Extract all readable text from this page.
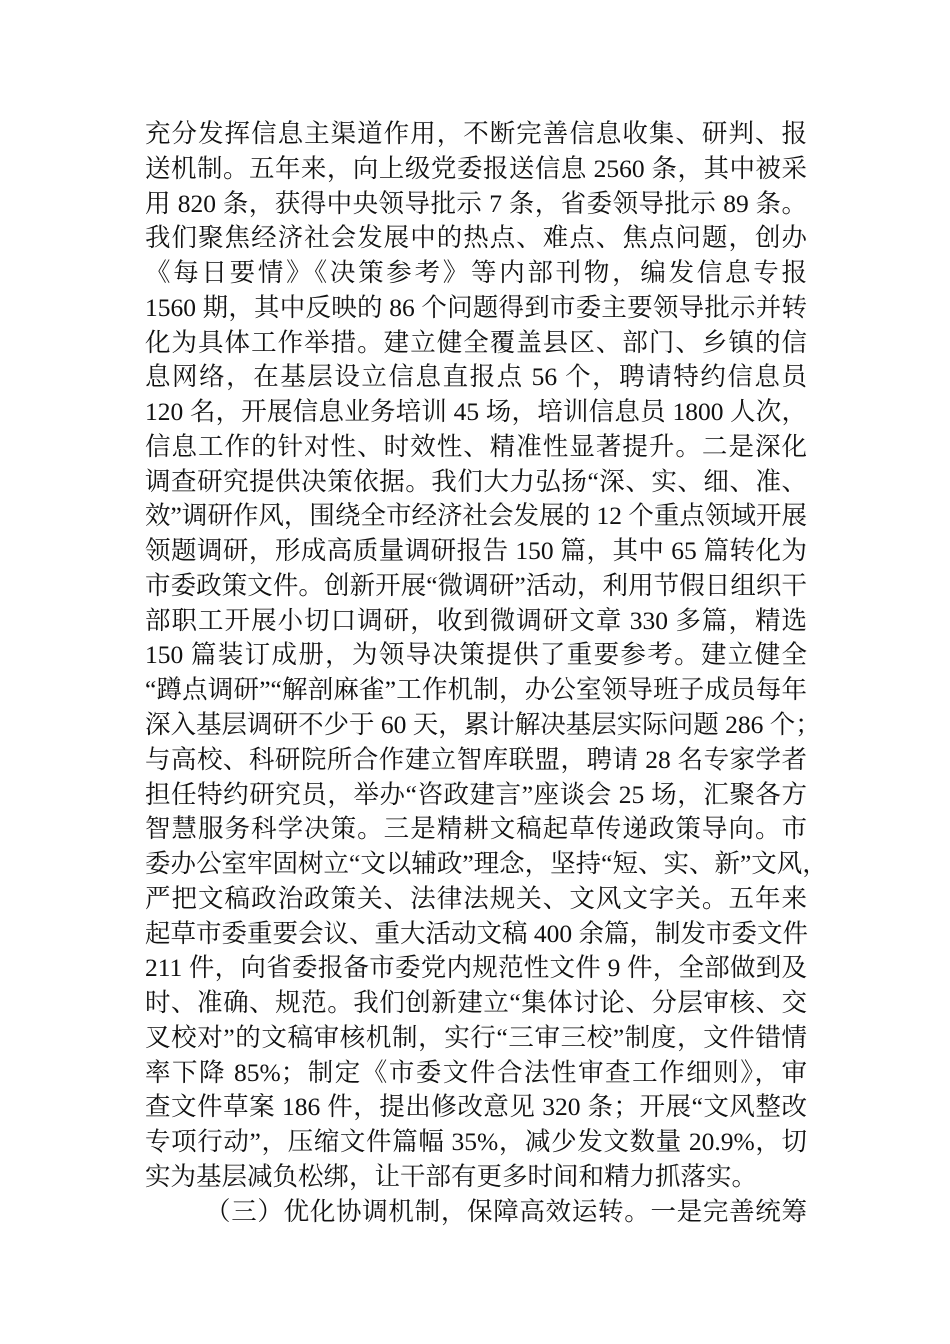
充分发挥信息主渠道作用，不断完善信息收集、研判、报
送机制。五年来，向上级党委报送信息 2560 条，其中被采
用 820 条，获得中央领导批示 7 条，省委领导批示 89 条。
我们聚焦经济社会发展中的热点、难点、焦点问题，创办
《每日要情》《决策参考》等内部刊物，编发信息专报
1560 期，其中反映的 86 个问题得到市委主要领导批示并转
化为具体工作举措。建立健全覆盖县区、部门、乡镇的信
息网络，在基层设立信息直报点 56 个，聘请特约信息员
120 名，开展信息业务培训 45 场，培训信息员 1800 人次，
信息工作的针对性、时效性、精准性显著提升。二是深化
调查研究提供决策依据。我们大力弘扬“深、实、细、准、
效”调研作风，围绕全市经济社会发展的 12 个重点领域开展
领题调研，形成高质量调研报告 150 篇，其中 65 篇转化为
市委政策文件。创新开展“微调研”活动，利用节假日组织干
部职工开展小切口调研，收到微调研文章 330 多篇，精选
150 篇装订成册，为领导决策提供了重要参考。建立健全
“蹲点调研”“解剖麻雀”工作机制，办公室领导班子成员每年
深入基层调研不少于 60 天，累计解决基层实际问题 286 个；
与高校、科研院所合作建立智库联盟，聘请 28 名专家学者
担任特约研究员，举办“咨政建言”座谈会 25 场，汇聚各方
智慧服务科学决策。三是精耕文稿起草传递政策导向。市
委办公室牢固树立“文以辅政”理念，坚持“短、实、新”文风，
严把文稿政治政策关、法律法规关、文风文字关。五年来
起草市委重要会议、重大活动文稿 400 余篇，制发市委文件
211 件，向省委报备市委党内规范性文件 9 件，全部做到及
时、准确、规范。我们创新建立“集体讨论、分层审核、交
叉校对”的文稿审核机制，实行“三审三校”制度，文件错情
率下降 85%；制定《市委文件合法性审查工作细则》，审
查文件草案 186 件，提出修改意见 320 条；开展“文风整改
专项行动”，压缩文件篇幅 35%，减少发文数量 20.9%，切
实为基层减负松绑，让干部有更多时间和精力抓落实。
（三）优化协调机制，保障高效运转。一是完善统筹
